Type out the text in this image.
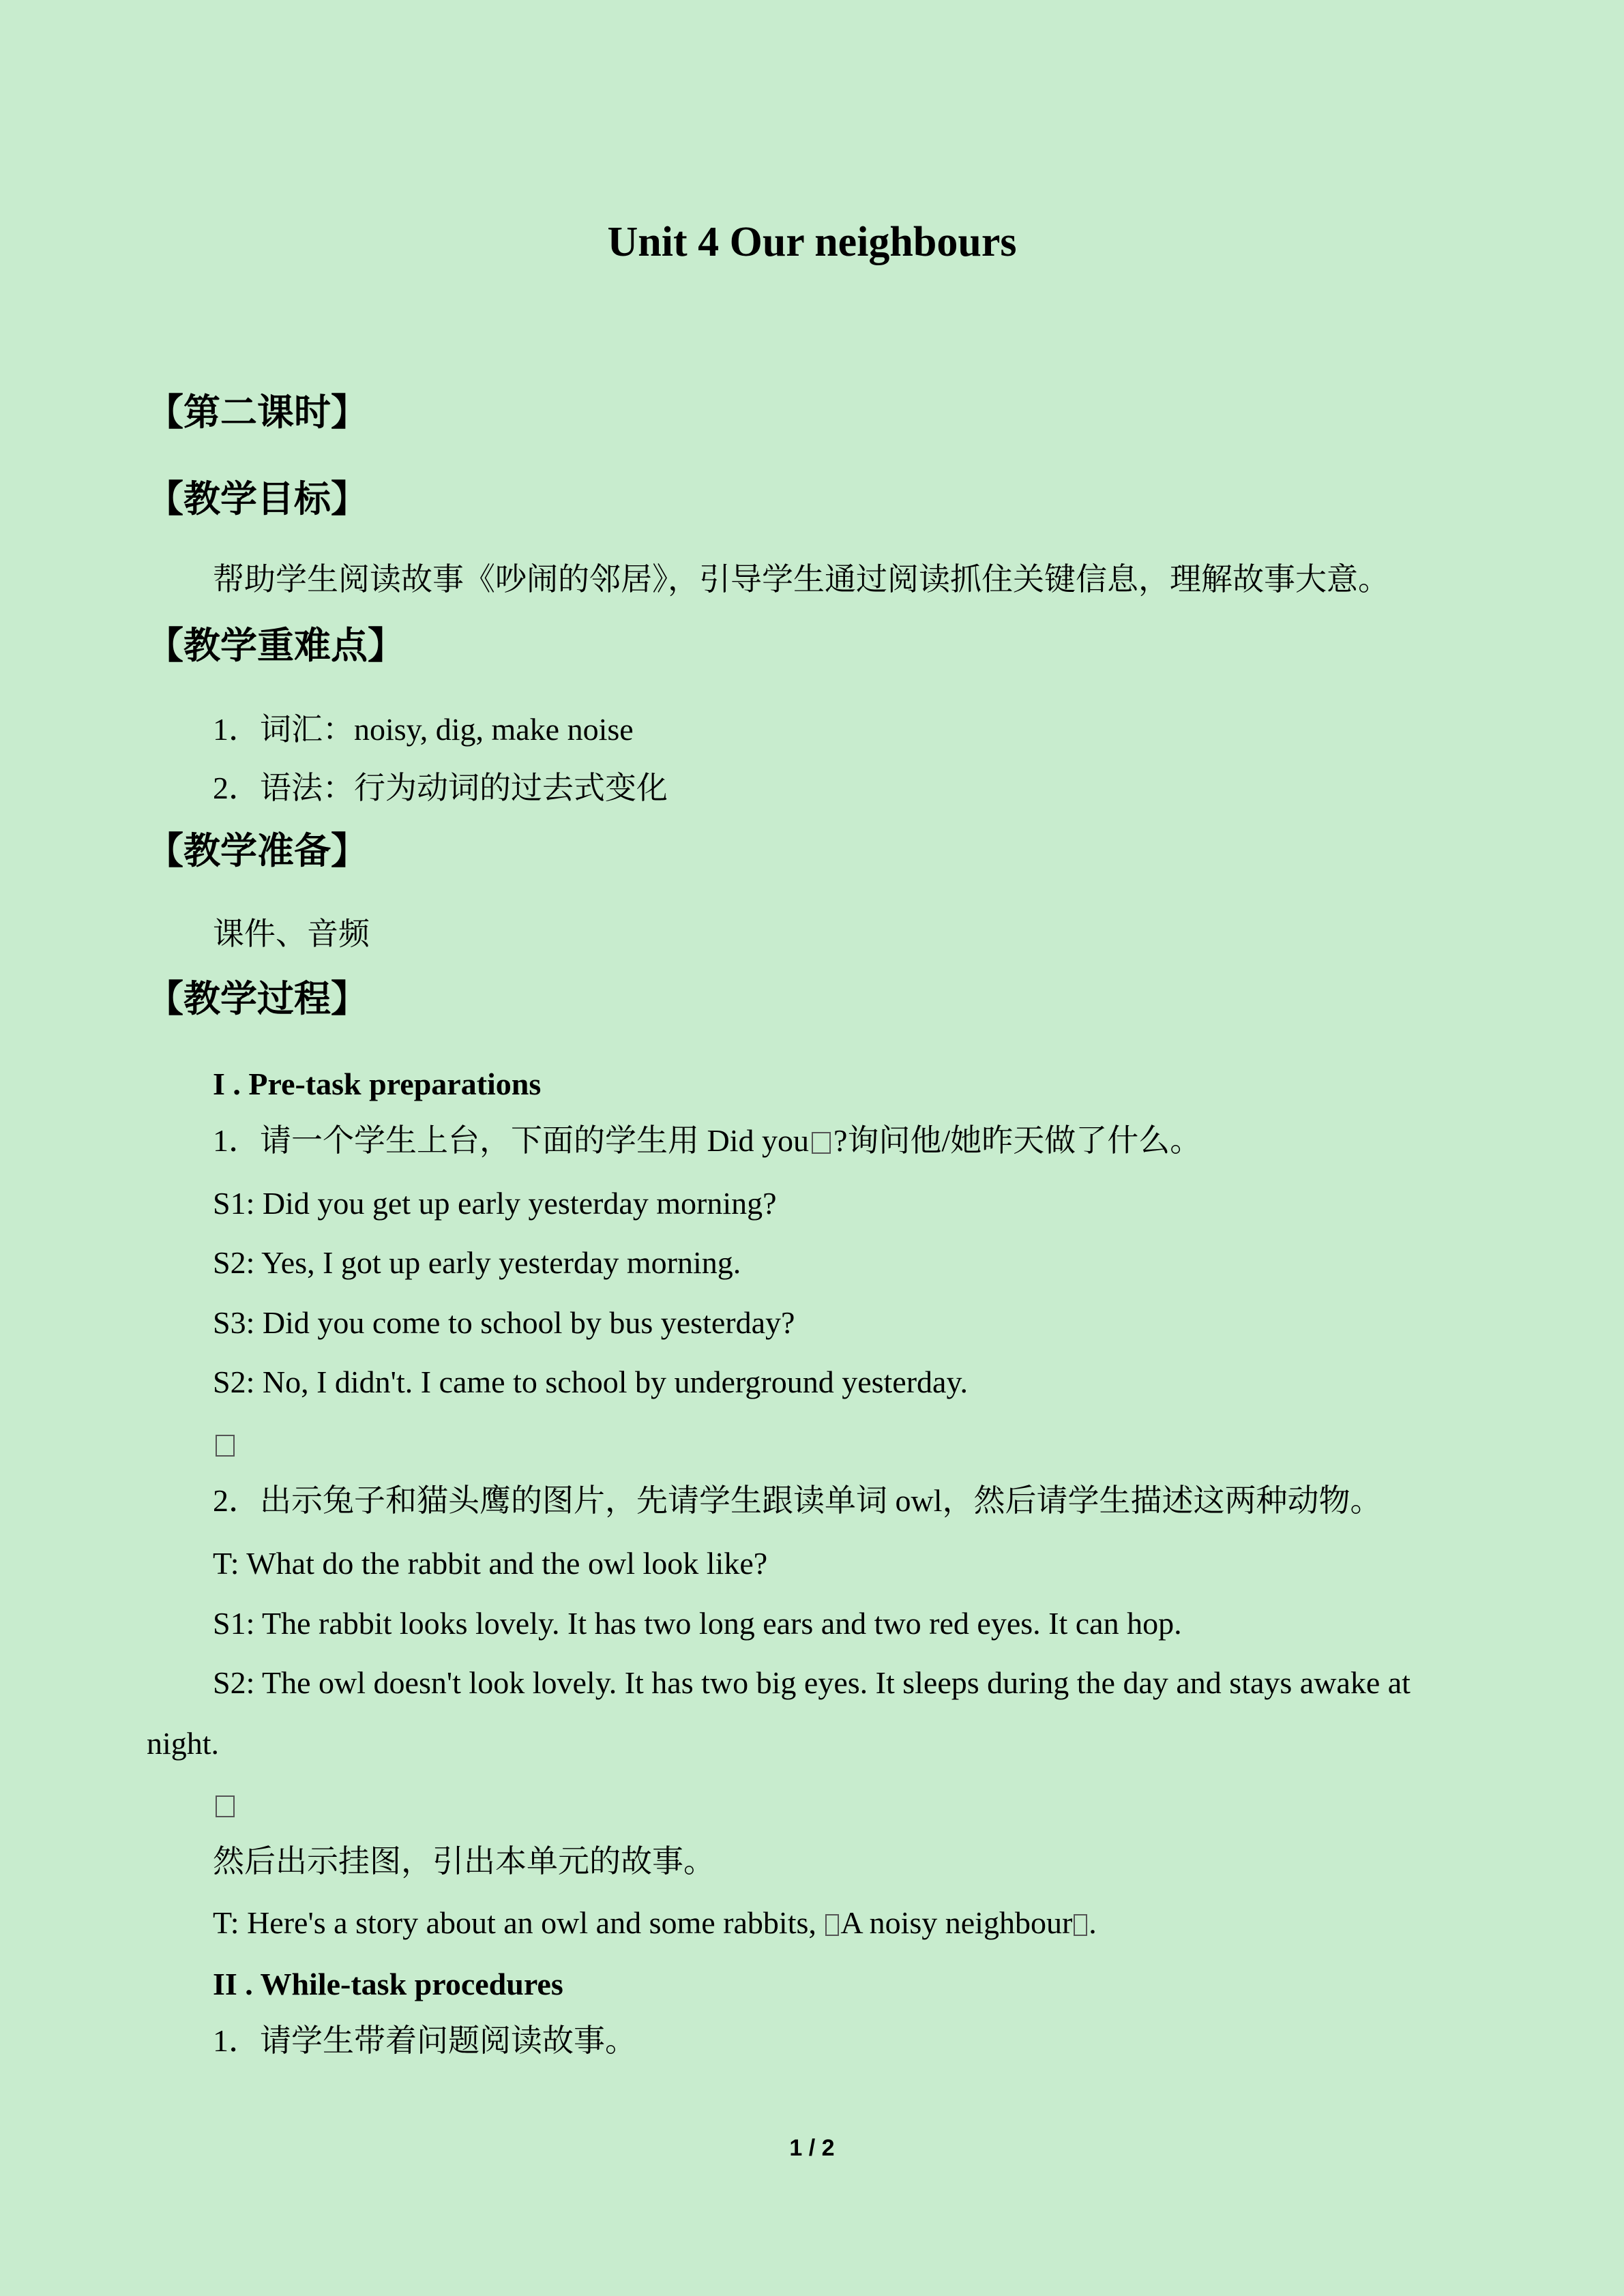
Unit 4 Our neighbours
【第二课时】
【教学目标】
帮助学生阅读故事《吵闹的邻居》，引导学生通过阅读抓住关键信息，理解故事大意。
【教学重难点】
1．词汇：noisy, dig, make noise
2．语法：行为动词的过去式变化
【教学准备】
课件、音频
【教学过程】
I . Pre-task preparations
1．请一个学生上台，下面的学生用 Did you ?询问他/她昨天做了什么。
S1: Did you get up early yesterday morning?
S2: Yes, I got up early yesterday morning.
S3: Did you come to school by bus yesterday?
S2: No, I didn't. I came to school by underground yesterday.
2．出示兔子和猫头鹰的图片，先请学生跟读单词 owl，然后请学生描述这两种动物。
T: What do the rabbit and the owl look like?
S1: The rabbit looks lovely. It has two long ears and two red eyes. It can hop.
S2: The owl doesn't look lovely. It has two big eyes. It sleeps during the day and stays awake at
night.
然后出示挂图，引出本单元的故事。
T: Here's a story about an owl and some rabbits, A noisy neighbour .
II . While-task procedures
1．请学生带着问题阅读故事。
1 / 2
